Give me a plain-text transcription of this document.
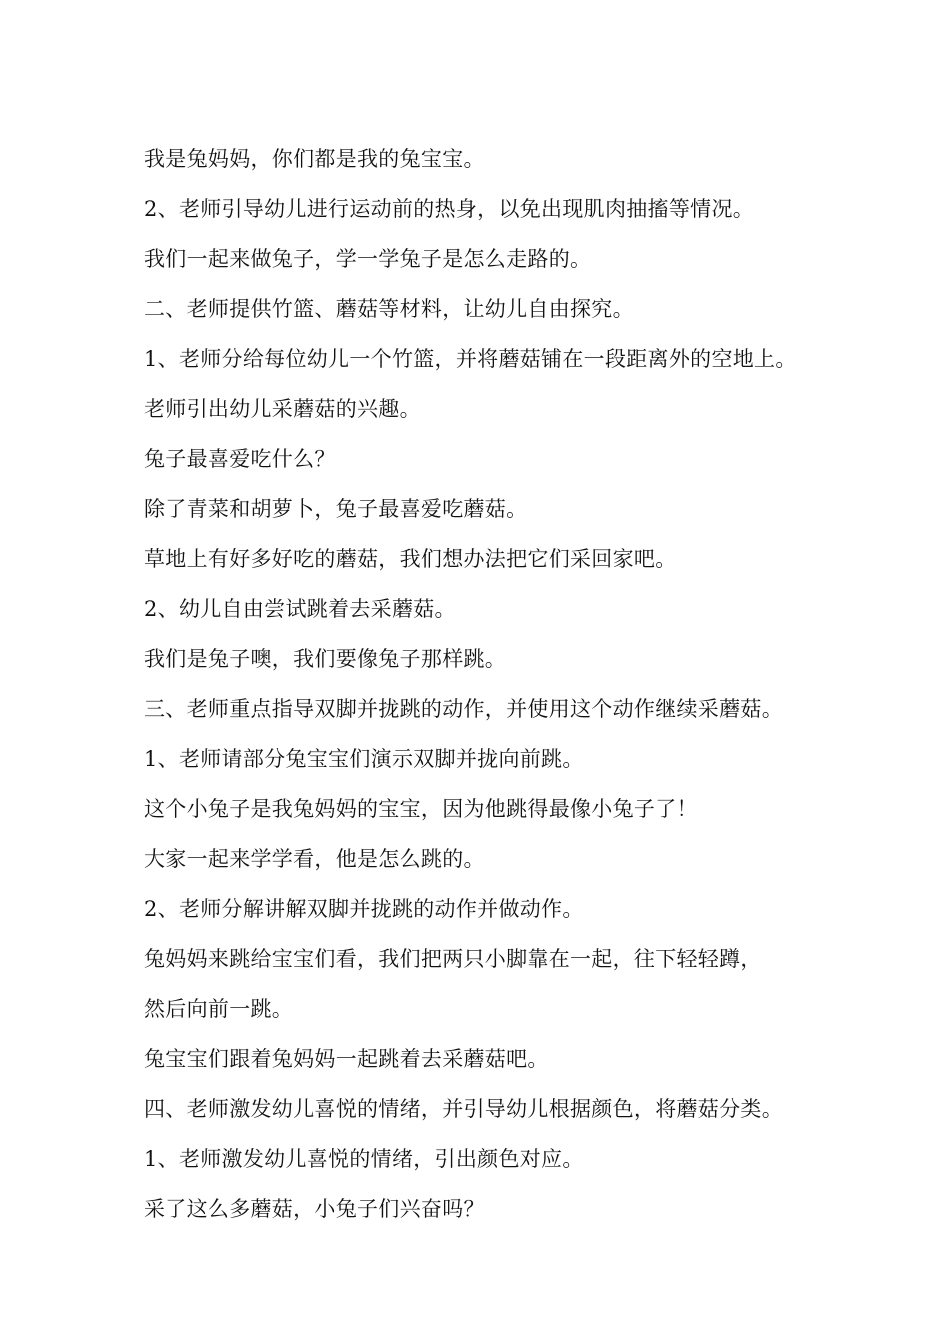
我是兔妈妈，你们都是我的兔宝宝。
2、老师引导幼儿进行运动前的热身，以免出现肌肉抽搐等情况。
我们一起来做兔子，学一学兔子是怎么走路的。
二、老师提供竹篮、蘑菇等材料，让幼儿自由探究。
1、老师分给每位幼儿一个竹篮，并将蘑菇铺在一段距离外的空地上。
老师引出幼儿采蘑菇的兴趣。
兔子最喜爱吃什么？
除了青菜和胡萝卜，兔子最喜爱吃蘑菇。
草地上有好多好吃的蘑菇，我们想办法把它们采回家吧。
2、幼儿自由尝试跳着去采蘑菇。
我们是兔子噢，我们要像兔子那样跳。
三、老师重点指导双脚并拢跳的动作，并使用这个动作继续采蘑菇。
1、老师请部分兔宝宝们演示双脚并拢向前跳。
这个小兔子是我兔妈妈的宝宝，因为他跳得最像小兔子了！
大家一起来学学看，他是怎么跳的。
2、老师分解讲解双脚并拢跳的动作并做动作。
兔妈妈来跳给宝宝们看，我们把两只小脚靠在一起，往下轻轻蹲，
然后向前一跳。
兔宝宝们跟着兔妈妈一起跳着去采蘑菇吧。
四、老师激发幼儿喜悦的情绪，并引导幼儿根据颜色，将蘑菇分类。
1、老师激发幼儿喜悦的情绪，引出颜色对应。
采了这么多蘑菇，小兔子们兴奋吗？
